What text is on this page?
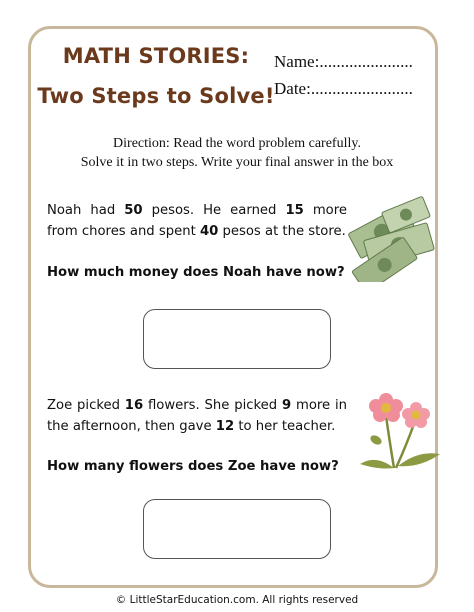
MATH STORIES:
Two Steps to Solve!
Name:......................
Date:........................
Direction: Read the word problem carefully.
Solve it in two steps. Write your final answer in the box
Noah had 50 pesos. He earned 15 more from chores and spent 40 pesos at the store.
How much money does Noah have now?
Zoe picked 16 flowers. She picked 9 more in the afternoon, then gave 12 to her teacher.
How many flowers does Zoe have now?
© LittleStarEducation.com. All rights reserved
